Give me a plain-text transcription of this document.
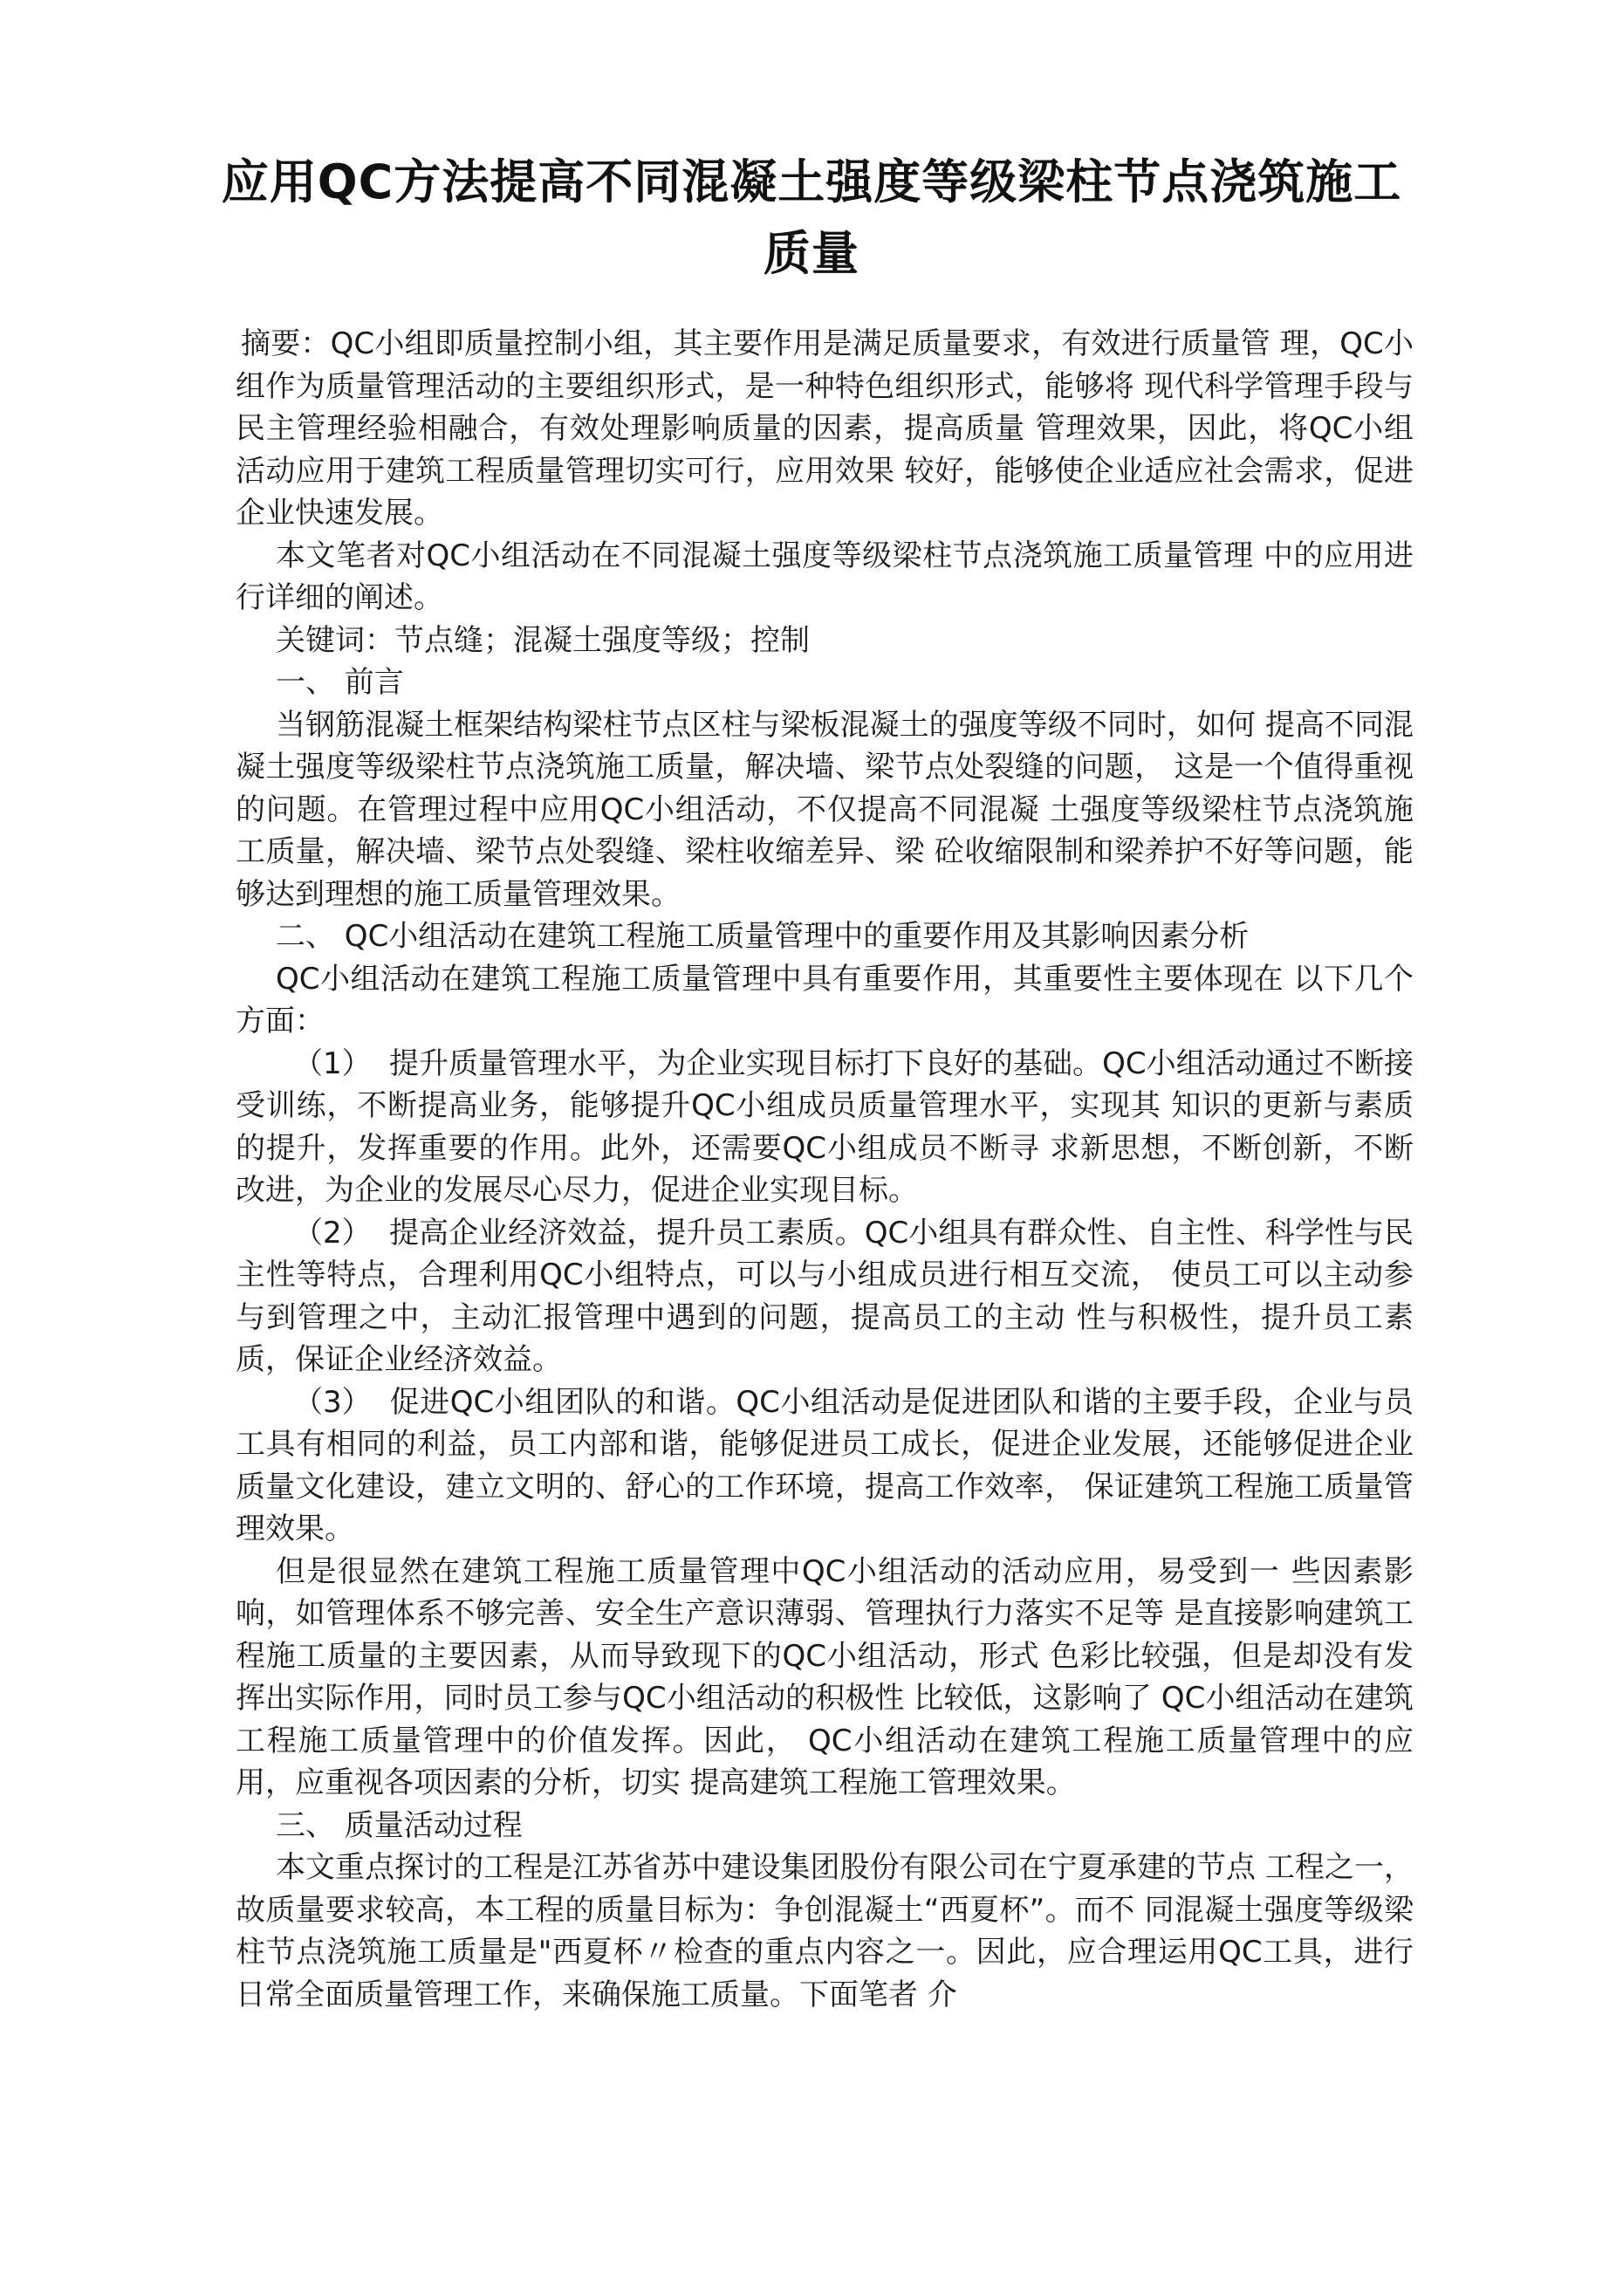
应用QC方法提高不同混凝土强度等级梁柱节点浇筑施工质量

摘要：QC小组即质量控制小组，其主要作用是满足质量要求，有效进行质量管 理，QC小组作为质量管理活动的主要组织形式，是一种特色组织形式，能够将 现代科学管理手段与民主管理经验相融合，有效处理影响质量的因素，提高质量 管理效果，因此，将QC小组活动应用于建筑工程质量管理切实可行，应用效果 较好，能够使企业适应社会需求，促进企业快速发展。

本文笔者对QC小组活动在不同混凝土强度等级梁柱节点浇筑施工质量管理 中的应用进行详细的阐述。

关键词：节点缝；混凝土强度等级；控制

一、 前言

当钢筋混凝土框架结构梁柱节点区柱与梁板混凝土的强度等级不同时，如何 提高不同混凝土强度等级梁柱节点浇筑施工质量，解决墙、梁节点处裂缝的问题， 这是一个值得重视的问题。在管理过程中应用QC小组活动，不仅提高不同混凝 土强度等级梁柱节点浇筑施工质量，解决墙、梁节点处裂缝、梁柱收缩差异、梁 砼收缩限制和梁养护不好等问题，能够达到理想的施工质量管理效果。

二、 QC小组活动在建筑工程施工质量管理中的重要作用及其影响因素分析

QC小组活动在建筑工程施工质量管理中具有重要作用，其重要性主要体现在 以下几个方面：

（1） 提升质量管理水平，为企业实现目标打下良好的基础。QC小组活动通过不断接受训练，不断提高业务，能够提升QC小组成员质量管理水平，实现其 知识的更新与素质的提升，发挥重要的作用。此外，还需要QC小组成员不断寻 求新思想，不断创新，不断改进，为企业的发展尽心尽力，促进企业实现目标。

（2） 提高企业经济效益，提升员工素质。QC小组具有群众性、自主性、科学性与民主性等特点，合理利用QC小组特点，可以与小组成员进行相互交流， 使员工可以主动参与到管理之中，主动汇报管理中遇到的问题，提高员工的主动 性与积极性，提升员工素质，保证企业经济效益。

（3） 促进QC小组团队的和谐。QC小组活动是促进团队和谐的主要手段，企业与员工具有相同的利益，员工内部和谐，能够促进员工成长，促进企业发展，还能够促进企业质量文化建设，建立文明的、舒心的工作环境，提高工作效率， 保证建筑工程施工质量管理效果。

但是很显然在建筑工程施工质量管理中QC小组活动的活动应用，易受到一 些因素影响，如管理体系不够完善、安全生产意识薄弱、管理执行力落实不足等 是直接影响建筑工程施工质量的主要因素，从而导致现下的QC小组活动，形式 色彩比较强，但是却没有发挥出实际作用，同时员工参与QC小组活动的积极性 比较低，这影响了 QC小组活动在建筑工程施工质量管理中的价值发挥。因此， QC小组活动在建筑工程施工质量管理中的应用，应重视各项因素的分析，切实 提高建筑工程施工管理效果。

三、 质量活动过程

本文重点探讨的工程是江苏省苏中建设集团股份有限公司在宁夏承建的节点 工程之一，故质量要求较高，本工程的质量目标为：争创混凝土“西夏杯”。而不 同混凝土强度等级梁柱节点浇筑施工质量是"西夏杯〃检查的重点内容之一。因此，应合理运用QC工具，进行日常全面质量管理工作，来确保施工质量。下面笔者 介
